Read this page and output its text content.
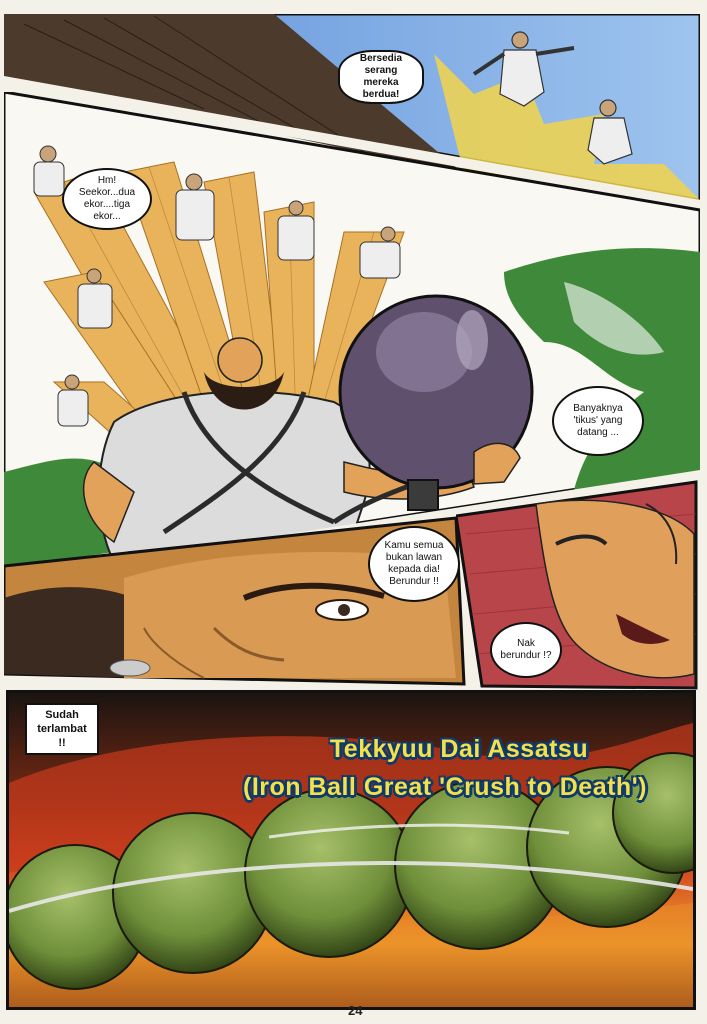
Bersedia serang mereka berdua!
Hm! Seekor...dua ekor....tiga ekor...
Banyaknya 'tikus' yang datang ...
Kamu semua bukan lawan kepada dia! Berundur !!
Nak berundur !?
Sudah terlambat !!	Tekkyuu Dai Assatsu
(Iron Ball Great 'Crush to Death')
24
